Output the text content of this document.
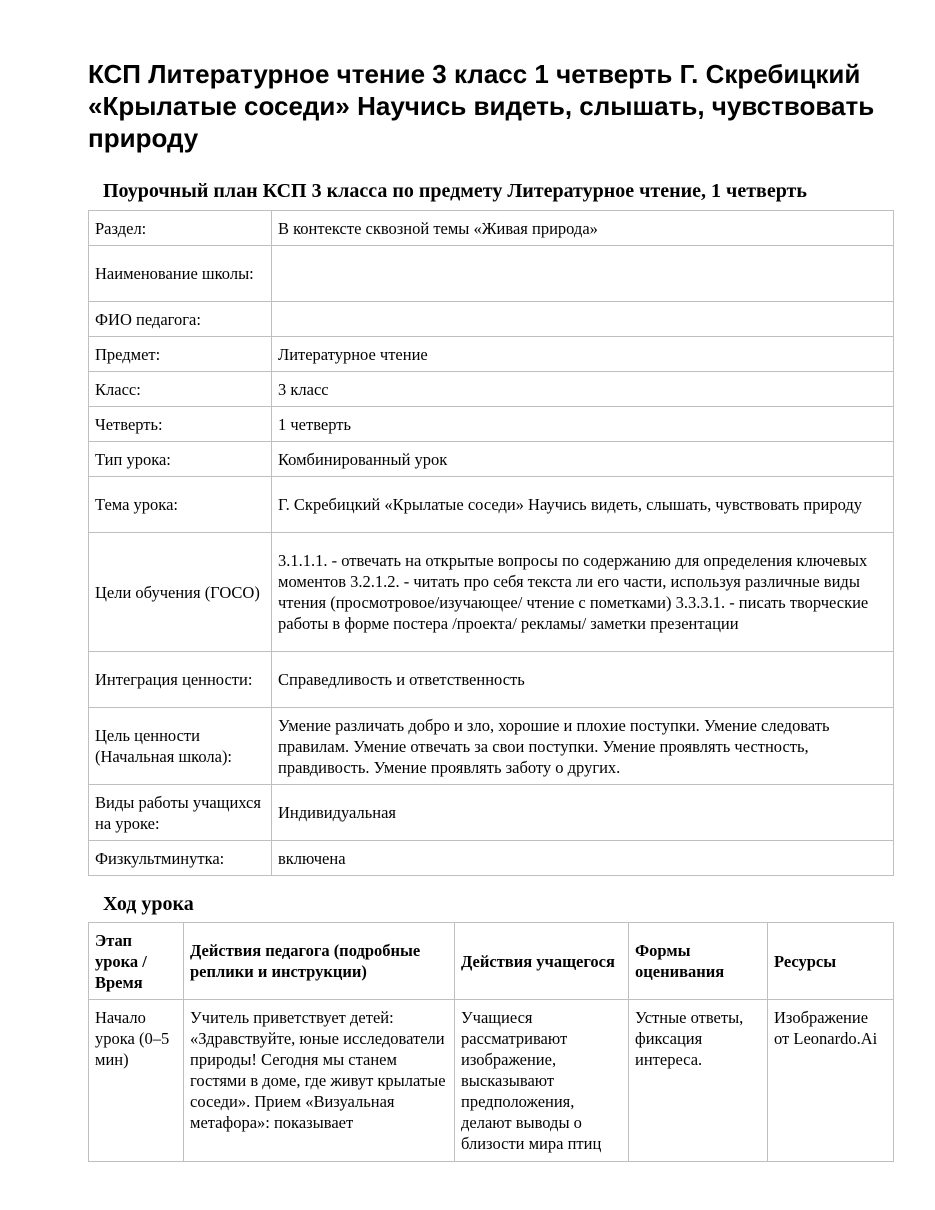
КСП Литературное чтение 3 класс 1 четверть Г. Скребицкий «Крылатые соседи» Научись видеть, слышать, чувствовать природу
Поурочный план КСП 3 класса по предмету Литературное чтение, 1 четверть
Раздел:	В контексте сквозной темы «Живая природа»
Наименование школы:	
ФИО педагога:	
Предмет:	Литературное чтение
Класс:	3 класс
Четверть:	1 четверть
Тип урока:	Комбинированный урок
Тема урока:	Г. Скребицкий «Крылатые соседи» Научись видеть, слышать, чувствовать природу
Цели обучения (ГОСО)	3.1.1.1. - отвечать на открытые вопросы по содержанию для определения ключевых моментов 3.2.1.2. - читать про себя текста ли его части, используя различные виды чтения (просмотровое/изучающее/ чтение с пометками) 3.3.3.1. - писать творческие работы в форме постера /проекта/ рекламы/ заметки презентации
Интеграция ценности:	Справедливость и ответственность
Цель ценности (Начальная школа):	Умение различать добро и зло, хорошие и плохие поступки. Умение следовать правилам. Умение отвечать за свои поступки. Умение проявлять честность, правдивость. Умение проявлять заботу о других.
Виды работы учащихся на уроке:	Индивидуальная
Физкультминутка:	включена
Ход урока
Этап урока / Время	Действия педагога (подробные реплики и инструкции)	Действия учащегося	Формы оценивания	Ресурсы
Начало урока (0–5 мин)	Учитель приветствует детей: «Здравствуйте, юные исследователи природы! Сегодня мы станем гостями в доме, где живут крылатые соседи». Прием «Визуальная метафора»: показывает	Учащиеся рассматривают изображение, высказывают предположения, делают выводы о близости мира птиц	Устные ответы, фиксация интереса.	Изображение от Leonardo.Ai
